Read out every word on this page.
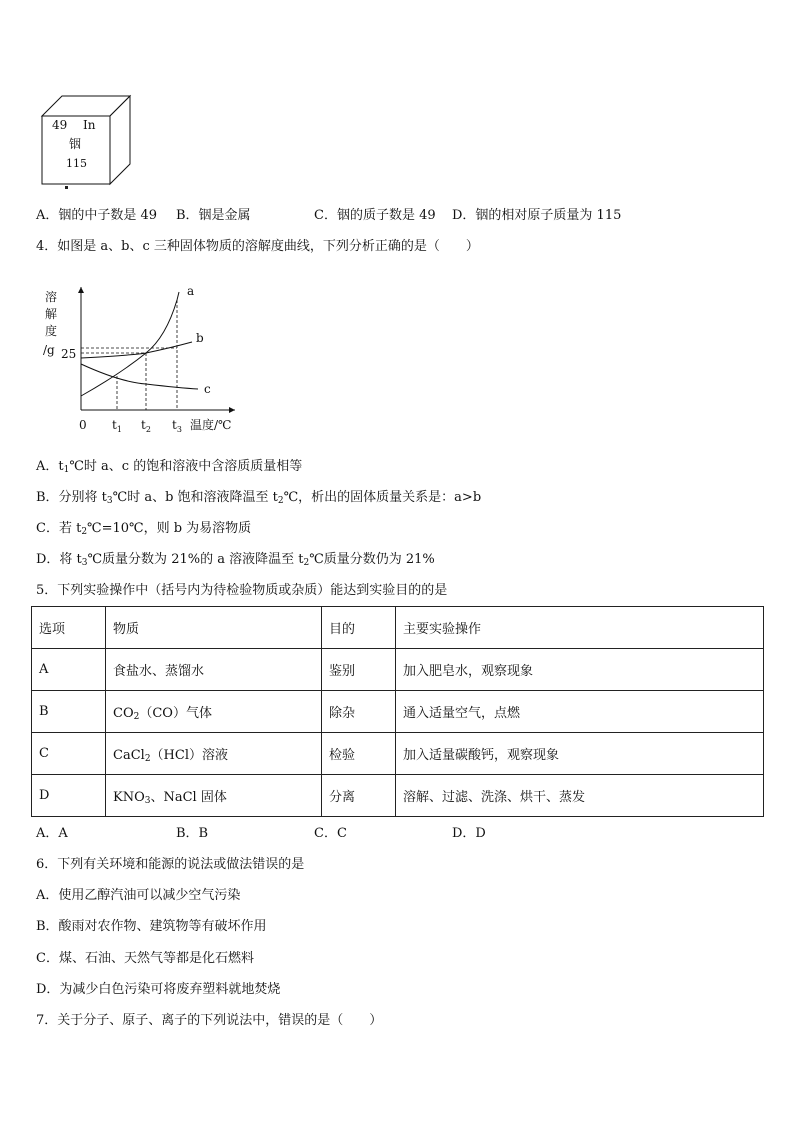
49 In
铟
115
A．铟的中子数是 49 B．铟是金属	C．铟的质子数是 49 D．铟的相对原子质量为 115
4．如图是 a、b、c 三种固体物质的溶解度曲线，下列分析正确的是（　　）
溶
解
度
/g 25
a
b
c
0 $t_1$ $t_2$ $t_3$ 温度/℃
A．$t_1℃$时 a、c 的饱和溶液中含溶质质量相等
B．分别将 $t_3℃$时 a、b 饱和溶液降温至 $t_2℃$，析出的固体质量关系是：a>b
C．若 $t_2℃=10℃$，则 b 为易溶物质
D．将 $t_3℃$质量分数为 21%的 a 溶液降温至 $t_2℃$质量分数仍为 21%
5．下列实验操作中（括号内为待检验物质或杂质）能达到实验目的的是
选项	物质	目的	主要实验操作
A	食盐水、蒸馏水	鉴别	加入肥皂水，观察现象
B	$CO_2(CO)$气体	除杂	通入适量空气，点燃
C	CaCl$_2$（HCl）溶液	检验	加入适量碳酸钙，观察现象
D	$KNO_3$、NaCl 固体	分离	溶解、过滤、洗涤、烘干、蒸发
A．A	B．B	C．C	D．D
6．下列有关环境和能源的说法或做法错误的是
A．使用乙醇汽油可以减少空气污染
B．酸雨对农作物、建筑物等有破坏作用
C．煤、石油、天然气等都是化石燃料
D．为减少白色污染可将废弃塑料就地焚烧
7．关于分子、原子、离子的下列说法中，错误的是（　　）
